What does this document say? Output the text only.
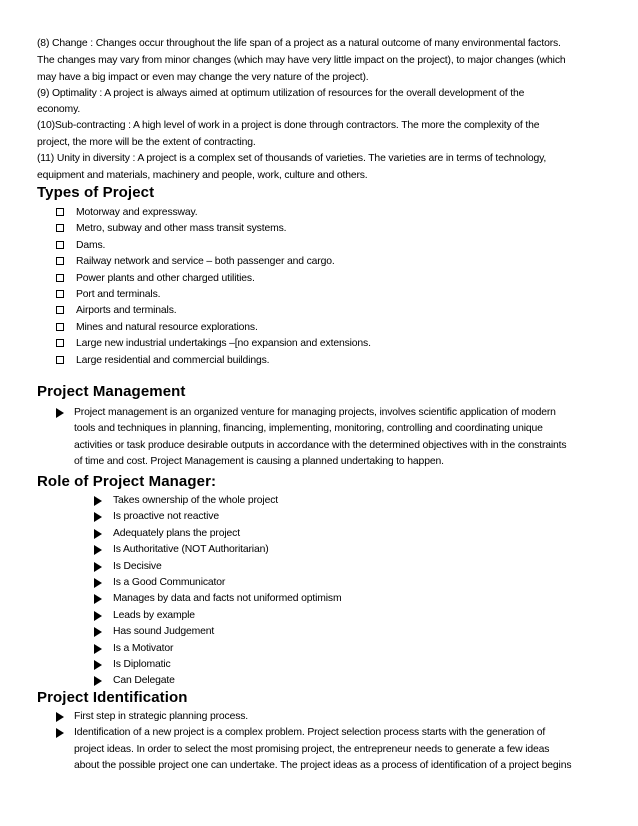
(8) Change : Changes occur throughout the life span of a project as a natural outcome of many environmental factors.

The changes may vary from minor changes (which may have very little impact on the project), to major changes (which

may have a big impact or even may change the very nature of the project).

(9) Optimality : A project is always aimed at optimum utilization of resources for the overall development of the

economy.

(10)Sub-contracting : A high level of work in a project is done through contractors. The more the complexity of the

project, the more will be the extent of contracting.

(11) Unity in diversity : A project is a complex set of thousands of varieties. The varieties are in terms of technology,

equipment and materials, machinery and people, work, culture and others.

Types of Project
Motorway and expressway.
Metro, subway and other mass transit systems.
Dams.
Railway network and service – both passenger and cargo.
Power plants and other charged utilities.
Port and terminals.
Airports and terminals.
Mines and natural resource explorations.
Large new industrial undertakings –[no expansion and extensions.
Large residential and commercial buildings.
Project Management
Project management is an organized venture for managing projects, involves scientific application of modern
tools and techniques in planning, financing, implementing, monitoring, controlling and coordinating unique
activities or task produce desirable outputs in accordance with the determined objectives with in the constraints
of time and cost. Project Management is causing a planned undertaking to happen.
Role of Project Manager:
Takes ownership of the whole project
Is proactive not reactive
Adequately plans the project
Is Authoritative (NOT Authoritarian)
Is Decisive
Is a Good Communicator
Manages by data and facts not uniformed optimism
Leads by example
Has sound Judgement
Is a Motivator
Is Diplomatic
Can Delegate
Project Identification
First step in strategic planning process.
Identification of a new project is a complex problem. Project selection process starts with the generation of
project ideas. In order to select the most promising project, the entrepreneur needs to generate a few ideas
about the possible project one can undertake. The project ideas as a process of identification of a project begins
